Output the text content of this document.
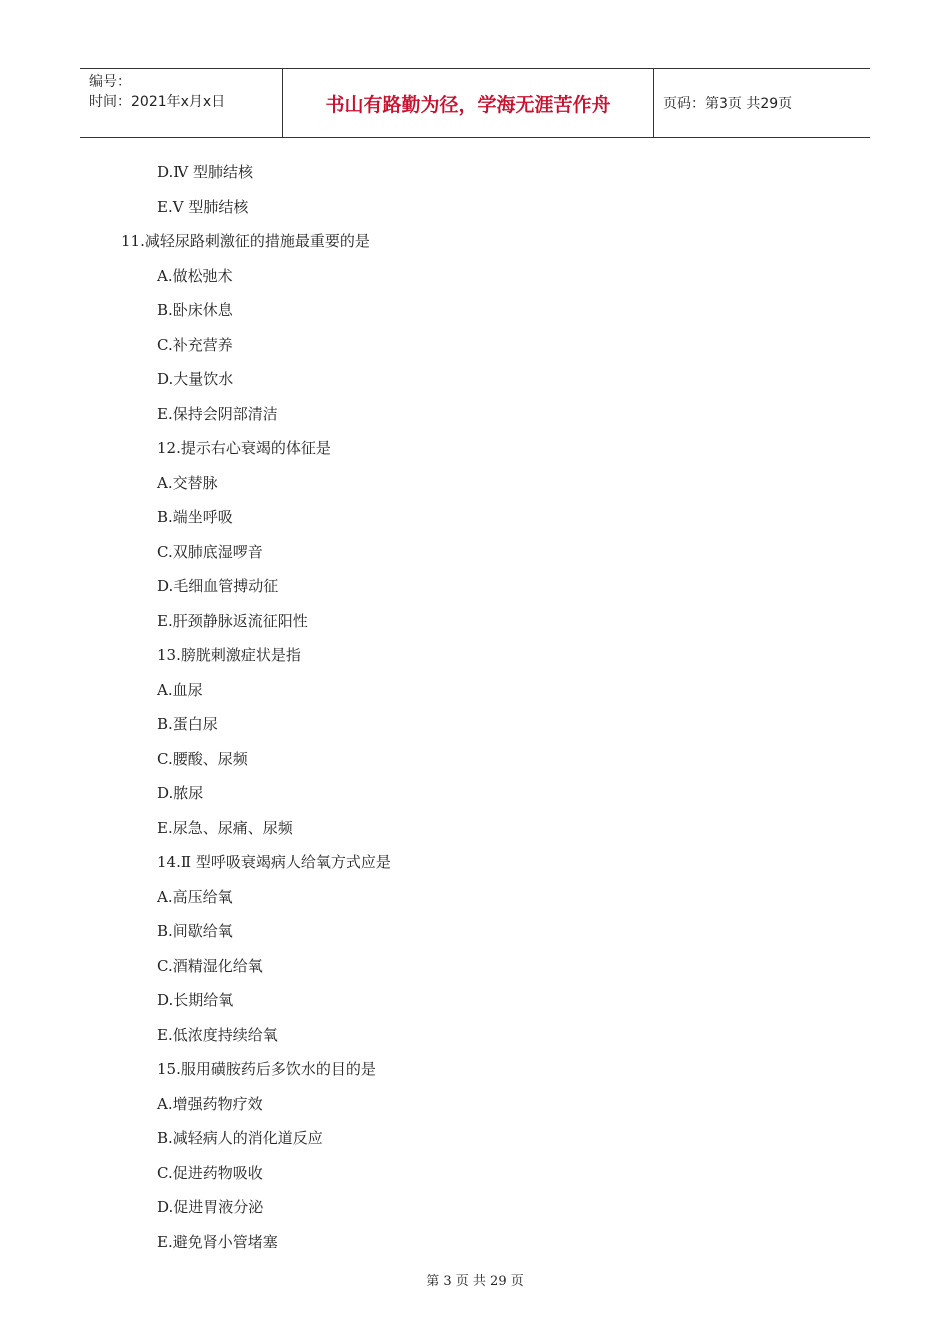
编号：
时间：2021年x月x日	书山有路勤为径，学海无涯苦作舟	页码：第3页 共29页
D.Ⅳ 型肺结核
E.Ⅴ 型肺结核
11.减轻尿路刺激征的措施最重要的是
A.做松弛术
B.卧床休息
C.补充营养
D.大量饮水
E.保持会阴部清洁
12.提示右心衰竭的体征是
A.交替脉
B.端坐呼吸
C.双肺底湿啰音
D.毛细血管搏动征
E.肝颈静脉返流征阳性
13.膀胱刺激症状是指
A.血尿
B.蛋白尿
C.腰酸、尿频
D.脓尿
E.尿急、尿痛、尿频
14.Ⅱ 型呼吸衰竭病人给氧方式应是
A.高压给氧
B.间歇给氧
C.酒精湿化给氧
D.长期给氧
E.低浓度持续给氧
15.服用磺胺药后多饮水的目的是
A.增强药物疗效
B.减轻病人的消化道反应
C.促进药物吸收
D.促进胃液分泌
E.避免肾小管堵塞
第 3 页 共 29 页
